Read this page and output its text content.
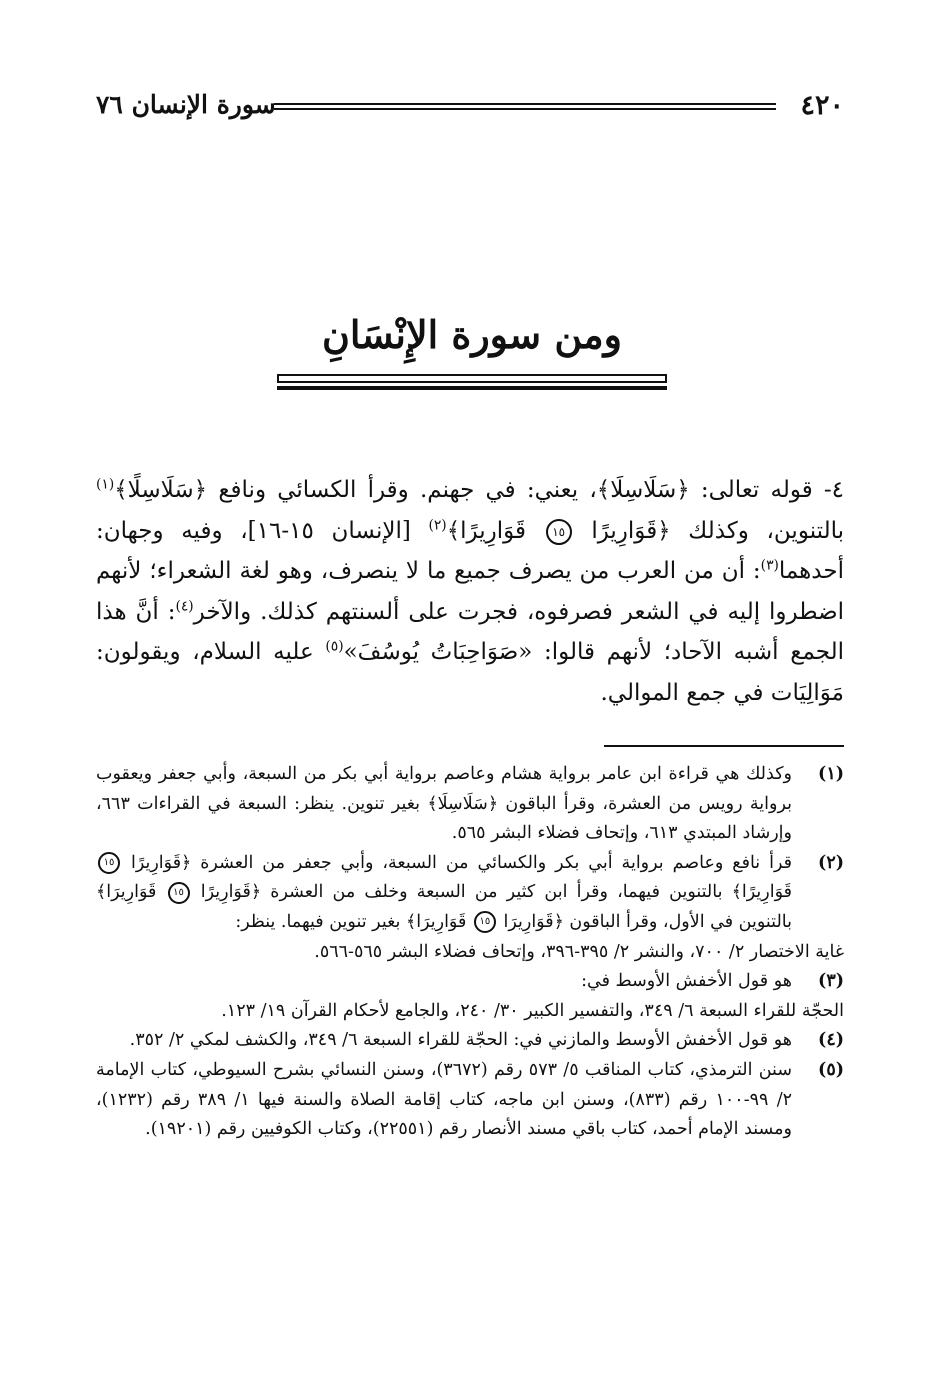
٤٢٠
سورة الإنسان ٧٦
ومن سورة الإِنْسَانِ

٤- قوله تعالى: ﴿سَلَاسِلَا﴾، يعني: في جهنم. وقرأ الكسائي ونافع ﴿سَلَاسِلًا﴾$^{(١)}$ بالتنوين، وكذلك ﴿قَوَارِيرًا ١٥ قَوَارِيرًا﴾$^{(٢)}$ [الإنسان ١٥-١٦]، وفيه وجهان: أحدهما$^{(٣)}$: أن من العرب من يصرف جميع ما لا ينصرف، وهو لغة الشعراء؛ لأنهم اضطروا إليه في الشعر فصرفوه، فجرت على ألسنتهم كذلك. والآخر$^{(٤)}$: أنَّ هذا الجمع أشبه الآحاد؛ لأنهم قالوا: «صَوَاحِبَاتُ يُوسُفَ»$^{(٥)}$ عليه السلام، ويقولون: مَوَالِيَات في جمع الموالي.

(١)

وكذلك هي قراءة ابن عامر برواية هشام وعاصم برواية أبي بكر من السبعة، وأبي جعفر ويعقوب برواية رويس من العشرة، وقرأ الباقون ﴿سَلَاسِلَا﴾ بغير تنوين. ينظر: السبعة في القراءات ٦٦٣، وإرشاد المبتدي ٦١٣، وإتحاف فضلاء البشر ٥٦٥.

(٢)

قرأ نافع وعاصم برواية أبي بكر والكسائي من السبعة، وأبي جعفر من العشرة ﴿قَوَارِيرًا ١٥ قَوَارِيرًا﴾ بالتنوين فيهما، وقرأ ابن كثير من السبعة وخلف من العشرة ﴿قَوَارِيرًا ١٥ قَوَارِيرَا﴾ بالتنوين في الأول، وقرأ الباقون ﴿قَوَارِيرَا ١٥ قَوَارِيرَا﴾ بغير تنوين فيهما. ينظر:

غاية الاختصار ٢/ ٧٠٠، والنشر ٢/ ٣٩٥-٣٩٦، وإتحاف فضلاء البشر ٥٦٥-٥٦٦.

(٣)

هو قول الأخفش الأوسط في:

الحجّة للقراء السبعة ٦/ ٣٤٩، والتفسير الكبير ٣٠/ ٢٤٠، والجامع لأحكام القرآن ١٩/ ١٢٣.

(٤)

هو قول الأخفش الأوسط والمازني في: الحجّة للقراء السبعة ٦/ ٣٤٩، والكشف لمكي ٢/ ٣٥٢.

(٥)

سنن الترمذي، كتاب المناقب ٥/ ٥٧٣ رقم (٣٦٧٢)، وسنن النسائي بشرح السيوطي، كتاب الإمامة ٢/ ٩٩-١٠٠ رقم (٨٣٣)، وسنن ابن ماجه، كتاب إقامة الصلاة والسنة فيها ١/ ٣٨٩ رقم (١٢٣٢)، ومسند الإمام أحمد، كتاب باقي مسند الأنصار رقم (٢٢٥٥١)، وكتاب الكوفيين رقم (١٩٢٠١).
